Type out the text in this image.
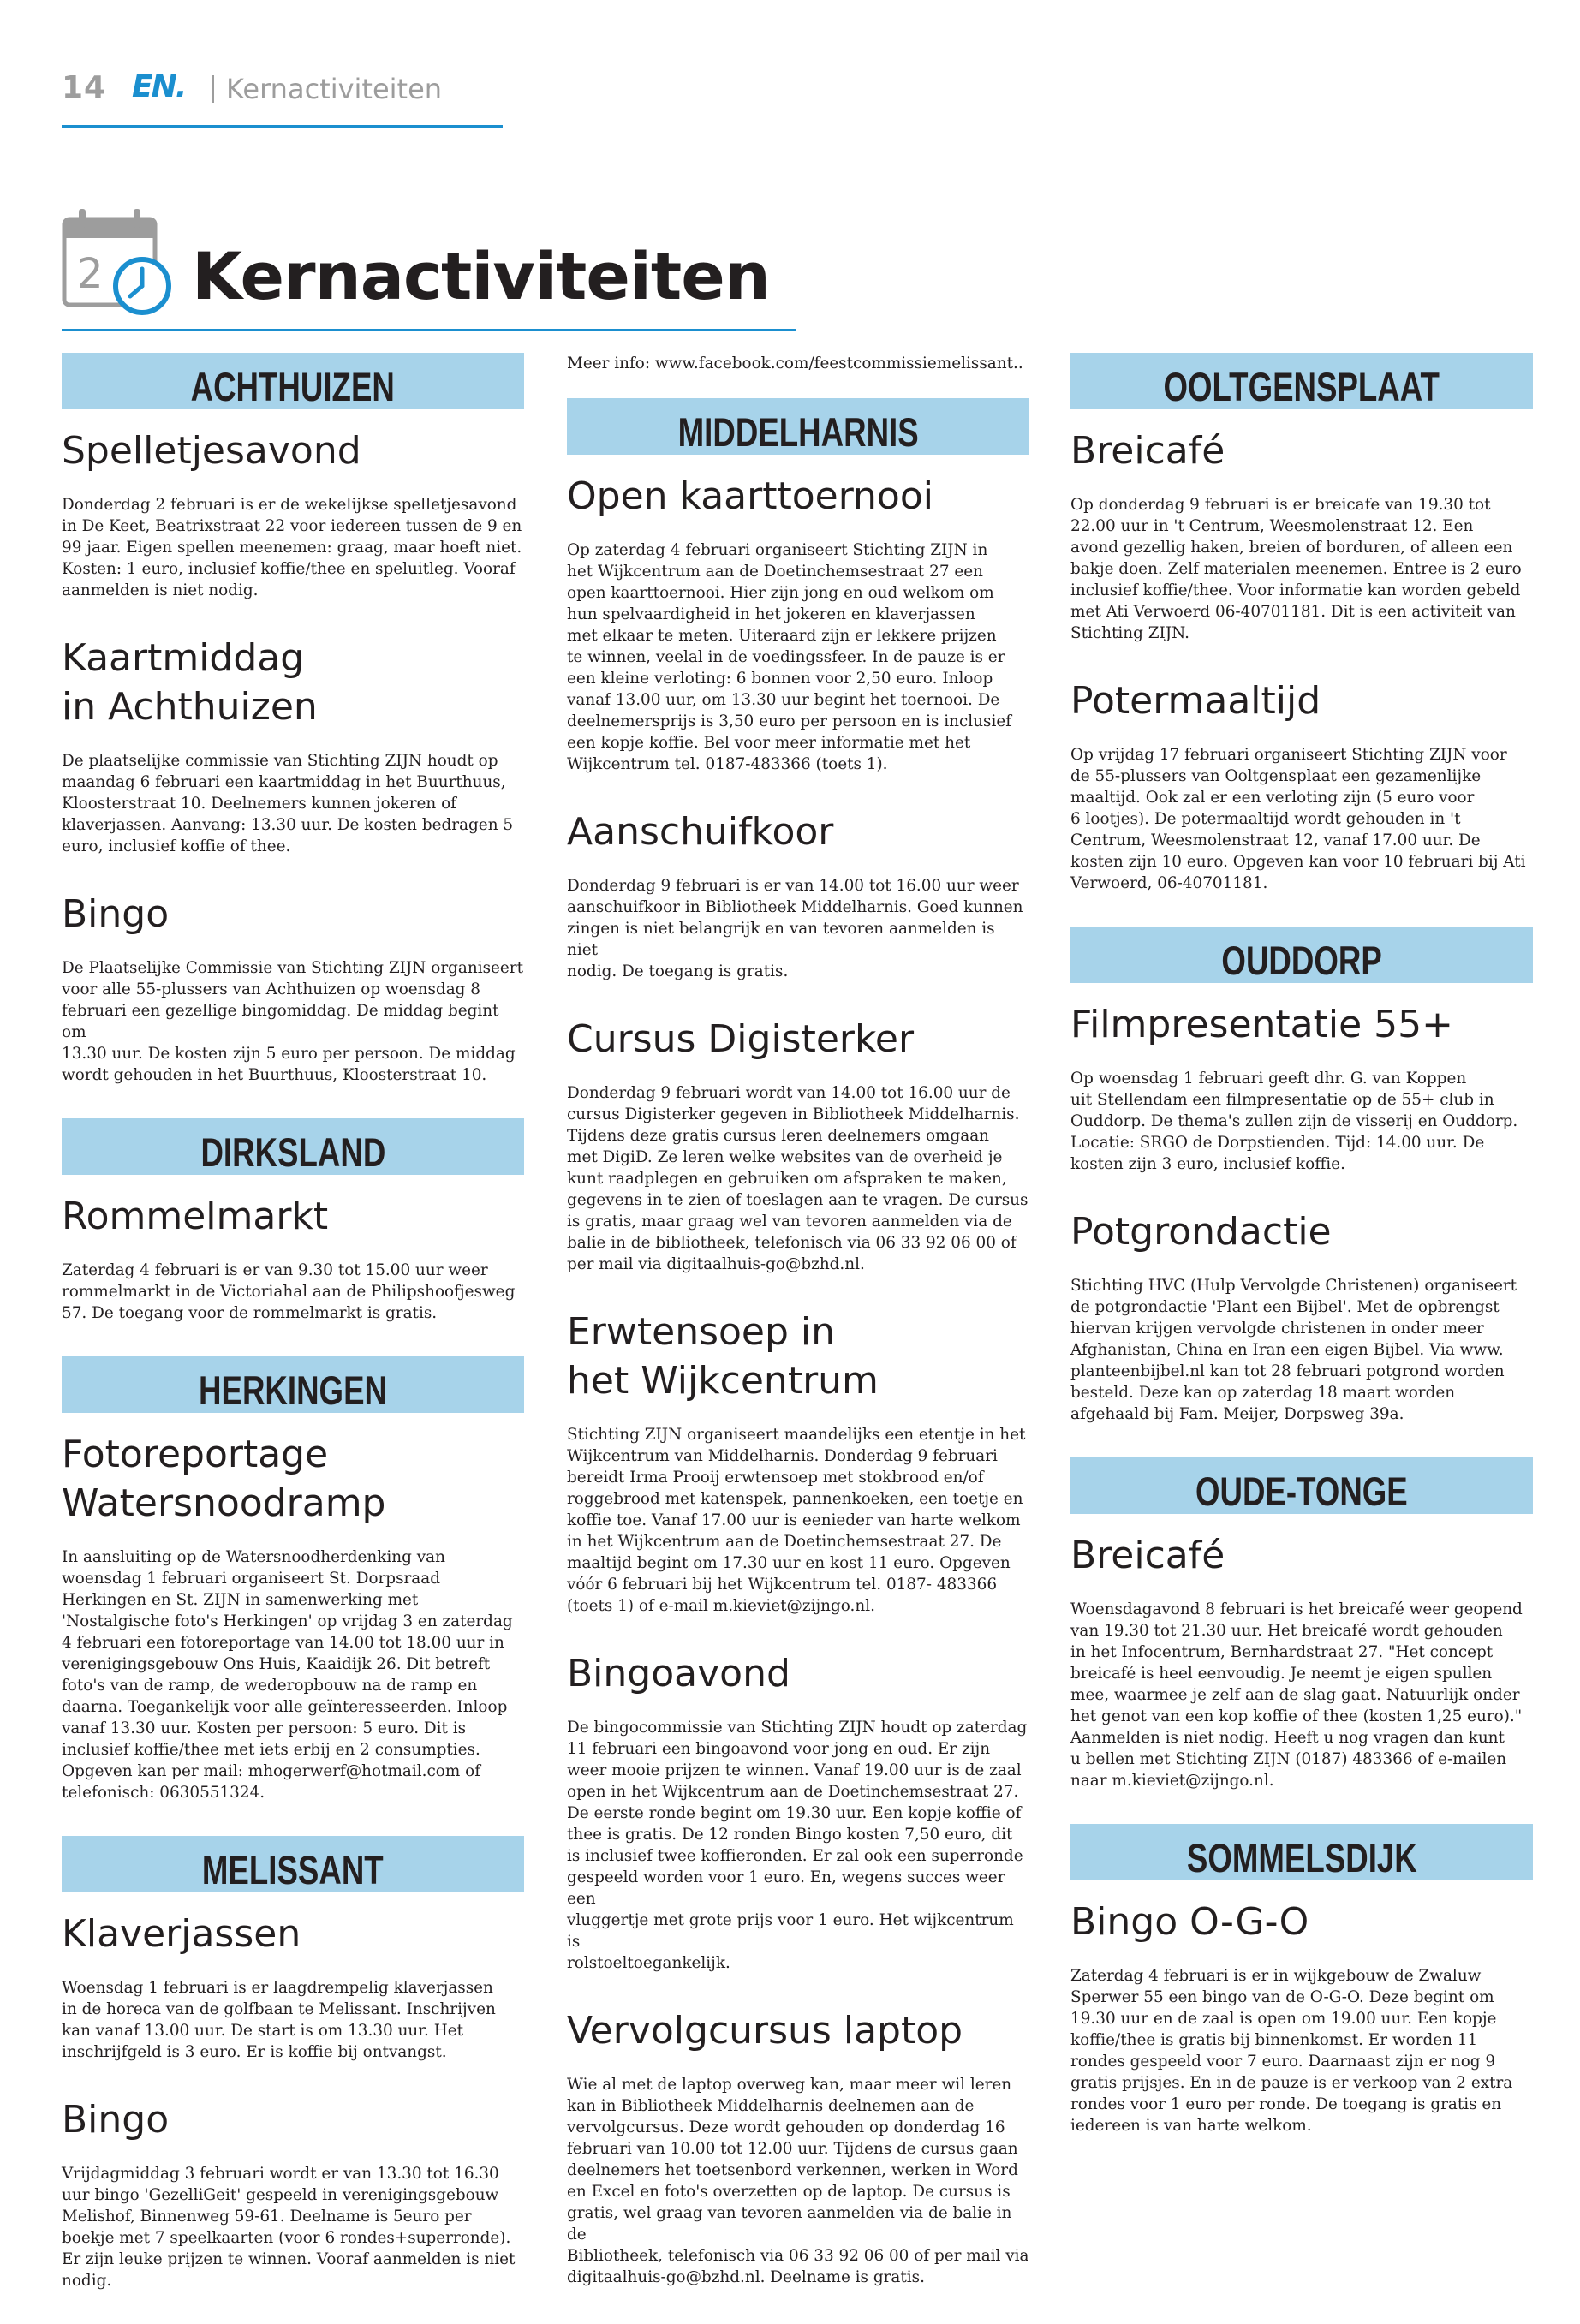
14 EN. Kernactiviteiten
2 Kernactiviteiten
ACHTHUIZEN
Spelletjesavond

Donderdag 2 februari is er de wekelijkse spelletjesavond
in De Keet, Beatrixstraat 22 voor iedereen tussen de 9 en
99 jaar. Eigen spellen meenemen: graag, maar hoeft niet.
Kosten: 1 euro, inclusief koffie/thee en speluitleg. Vooraf
aanmelden is niet nodig.

Kaartmiddag
in Achthuizen

De plaatselijke commissie van Stichting ZIJN houdt op
maandag 6 februari een kaartmiddag in het Buurthuus,
Kloosterstraat 10. Deelnemers kunnen jokeren of
klaverjassen. Aanvang: 13.30 uur. De kosten bedragen 5
euro, inclusief koffie of thee.

Bingo

De Plaatselijke Commissie van Stichting ZIJN organiseert
voor alle 55-plussers van Achthuizen op woensdag 8
februari een gezellige bingomiddag. De middag begint om
13.30 uur. De kosten zijn 5 euro per persoon. De middag
wordt gehouden in het Buurthuus, Kloosterstraat 10.

DIRKSLAND
Rommelmarkt

Zaterdag 4 februari is er van 9.30 tot 15.00 uur weer
rommelmarkt in de Victoriahal aan de Philipshoofjesweg
57. De toegang voor de rommelmarkt is gratis.

HERKINGEN
Fotoreportage
Watersnoodramp

In aansluiting op de Watersnoodherdenking van
woensdag 1 februari organiseert St. Dorpsraad
Herkingen en St. ZIJN in samenwerking met
'Nostalgische foto's Herkingen' op vrijdag 3 en zaterdag
4 februari een fotoreportage van 14.00 tot 18.00 uur in
verenigingsgebouw Ons Huis, Kaaidijk 26. Dit betreft
foto's van de ramp, de wederopbouw na de ramp en
daarna. Toegankelijk voor alle geïnteresseerden. Inloop
vanaf 13.30 uur. Kosten per persoon: 5 euro. Dit is
inclusief koffie/thee met iets erbij en 2 consumpties.
Opgeven kan per mail: mhogerwerf@hotmail.com of
telefonisch: 0630551324.

MELISSANT
Klaverjassen

Woensdag 1 februari is er laagdrempelig klaverjassen
in de horeca van de golfbaan te Melissant. Inschrijven
kan vanaf 13.00 uur. De start is om 13.30 uur. Het
inschrijfgeld is 3 euro. Er is koffie bij ontvangst.

Bingo

Vrijdagmiddag 3 februari wordt er van 13.30 tot 16.30
uur bingo 'GezelliGeit' gespeeld in verenigingsgebouw
Melishof, Binnenweg 59-61. Deelname is 5euro per
boekje met 7 speelkaarten (voor 6 rondes+superronde).
Er zijn leuke prijzen te winnen. Vooraf aanmelden is niet
nodig.

Meer info: www.facebook.com/feestcommissiemelissant..

MIDDELHARNIS
Open kaarttoernooi

Op zaterdag 4 februari organiseert Stichting ZIJN in
het Wijkcentrum aan de Doetinchemsestraat 27 een
open kaarttoernooi. Hier zijn jong en oud welkom om
hun spelvaardigheid in het jokeren en klaverjassen
met elkaar te meten. Uiteraard zijn er lekkere prijzen
te winnen, veelal in de voedingssfeer. In de pauze is er
een kleine verloting: 6 bonnen voor 2,50 euro. Inloop
vanaf 13.00 uur, om 13.30 uur begint het toernooi. De
deelnemersprijs is 3,50 euro per persoon en is inclusief
een kopje koffie. Bel voor meer informatie met het
Wijkcentrum tel. 0187-483366 (toets 1).

Aanschuifkoor

Donderdag 9 februari is er van 14.00 tot 16.00 uur weer
aanschuifkoor in Bibliotheek Middelharnis. Goed kunnen
zingen is niet belangrijk en van tevoren aanmelden is niet
nodig. De toegang is gratis.

Cursus Digisterker

Donderdag 9 februari wordt van 14.00 tot 16.00 uur de
cursus Digisterker gegeven in Bibliotheek Middelharnis.
Tijdens deze gratis cursus leren deelnemers omgaan
met DigiD. Ze leren welke websites van de overheid je
kunt raadplegen en gebruiken om afspraken te maken,
gegevens in te zien of toeslagen aan te vragen. De cursus
is gratis, maar graag wel van tevoren aanmelden via de
balie in de bibliotheek, telefonisch via 06 33 92 06 00 of
per mail via digitaalhuis-go@bzhd.nl.

Erwtensoep in
het Wijkcentrum

Stichting ZIJN organiseert maandelijks een etentje in het
Wijkcentrum van Middelharnis. Donderdag 9 februari
bereidt Irma Prooij erwtensoep met stokbrood en/of
roggebrood met katenspek, pannenkoeken, een toetje en
koffie toe. Vanaf 17.00 uur is eenieder van harte welkom
in het Wijkcentrum aan de Doetinchemsestraat 27. De
maaltijd begint om 17.30 uur en kost 11 euro. Opgeven
vóór 6 februari bij het Wijkcentrum tel. 0187- 483366
(toets 1) of e-mail m.kieviet@zijngo.nl.

Bingoavond

De bingocommissie van Stichting ZIJN houdt op zaterdag
11 februari een bingoavond voor jong en oud. Er zijn
weer mooie prijzen te winnen. Vanaf 19.00 uur is de zaal
open in het Wijkcentrum aan de Doetinchemsestraat 27.
De eerste ronde begint om 19.30 uur. Een kopje koffie of
thee is gratis. De 12 ronden Bingo kosten 7,50 euro, dit
is inclusief twee koffieronden. Er zal ook een superronde
gespeeld worden voor 1 euro. En, wegens succes weer een
vluggertje met grote prijs voor 1 euro. Het wijkcentrum is
rolstoeltoegankelijk.

Vervolgcursus laptop

Wie al met de laptop overweg kan, maar meer wil leren
kan in Bibliotheek Middelharnis deelnemen aan de
vervolgcursus. Deze wordt gehouden op donderdag 16
februari van 10.00 tot 12.00 uur. Tijdens de cursus gaan
deelnemers het toetsenbord verkennen, werken in Word
en Excel en foto's overzetten op de laptop. De cursus is
gratis, wel graag van tevoren aanmelden via de balie in de
Bibliotheek, telefonisch via 06 33 92 06 00 of per mail via
digitaalhuis-go@bzhd.nl. Deelname is gratis.

OOLTGENSPLAAT
Breicafé

Op donderdag 9 februari is er breicafe van 19.30 tot
22.00 uur in 't Centrum, Weesmolenstraat 12. Een
avond gezellig haken, breien of borduren, of alleen een
bakje doen. Zelf materialen meenemen. Entree is 2 euro
inclusief koffie/thee. Voor informatie kan worden gebeld
met Ati Verwoerd 06-40701181. Dit is een activiteit van
Stichting ZIJN.

Potermaaltijd

Op vrijdag 17 februari organiseert Stichting ZIJN voor
de 55-plussers van Ooltgensplaat een gezamenlijke
maaltijd. Ook zal er een verloting zijn (5 euro voor
6 lootjes). De potermaaltijd wordt gehouden in 't
Centrum, Weesmolenstraat 12, vanaf 17.00 uur. De
kosten zijn 10 euro. Opgeven kan voor 10 februari bij Ati
Verwoerd, 06-40701181.

OUDDORP
Filmpresentatie 55+

Op woensdag 1 februari geeft dhr. G. van Koppen
uit Stellendam een filmpresentatie op de 55+ club in
Ouddorp. De thema's zullen zijn de visserij en Ouddorp.
Locatie: SRGO de Dorpstienden. Tijd: 14.00 uur. De
kosten zijn 3 euro, inclusief koffie.

Potgrondactie

Stichting HVC (Hulp Vervolgde Christenen) organiseert
de potgrondactie 'Plant een Bijbel'. Met de opbrengst
hiervan krijgen vervolgde christenen in onder meer
Afghanistan, China en Iran een eigen Bijbel. Via www.
planteenbijbel.nl kan tot 28 februari potgrond worden
besteld. Deze kan op zaterdag 18 maart worden
afgehaald bij Fam. Meijer, Dorpsweg 39a.

OUDE-TONGE
Breicafé

Woensdagavond 8 februari is het breicafé weer geopend
van 19.30 tot 21.30 uur. Het breicafé wordt gehouden
in het Infocentrum, Bernhardstraat 27. "Het concept
breicafé is heel eenvoudig. Je neemt je eigen spullen
mee, waarmee je zelf aan de slag gaat. Natuurlijk onder
het genot van een kop koffie of thee (kosten 1,25 euro)."
Aanmelden is niet nodig. Heeft u nog vragen dan kunt
u bellen met Stichting ZIJN (0187) 483366 of e-mailen
naar m.kieviet@zijngo.nl.

SOMMELSDIJK
Bingo O-G-O

Zaterdag 4 februari is er in wijkgebouw de Zwaluw
Sperwer 55 een bingo van de O-G-O. Deze begint om
19.30 uur en de zaal is open om 19.00 uur. Een kopje
koffie/thee is gratis bij binnenkomst. Er worden 11
rondes gespeeld voor 7 euro. Daarnaast zijn er nog 9
gratis prijsjes. En in de pauze is er verkoop van 2 extra
rondes voor 1 euro per ronde. De toegang is gratis en
iedereen is van harte welkom.
